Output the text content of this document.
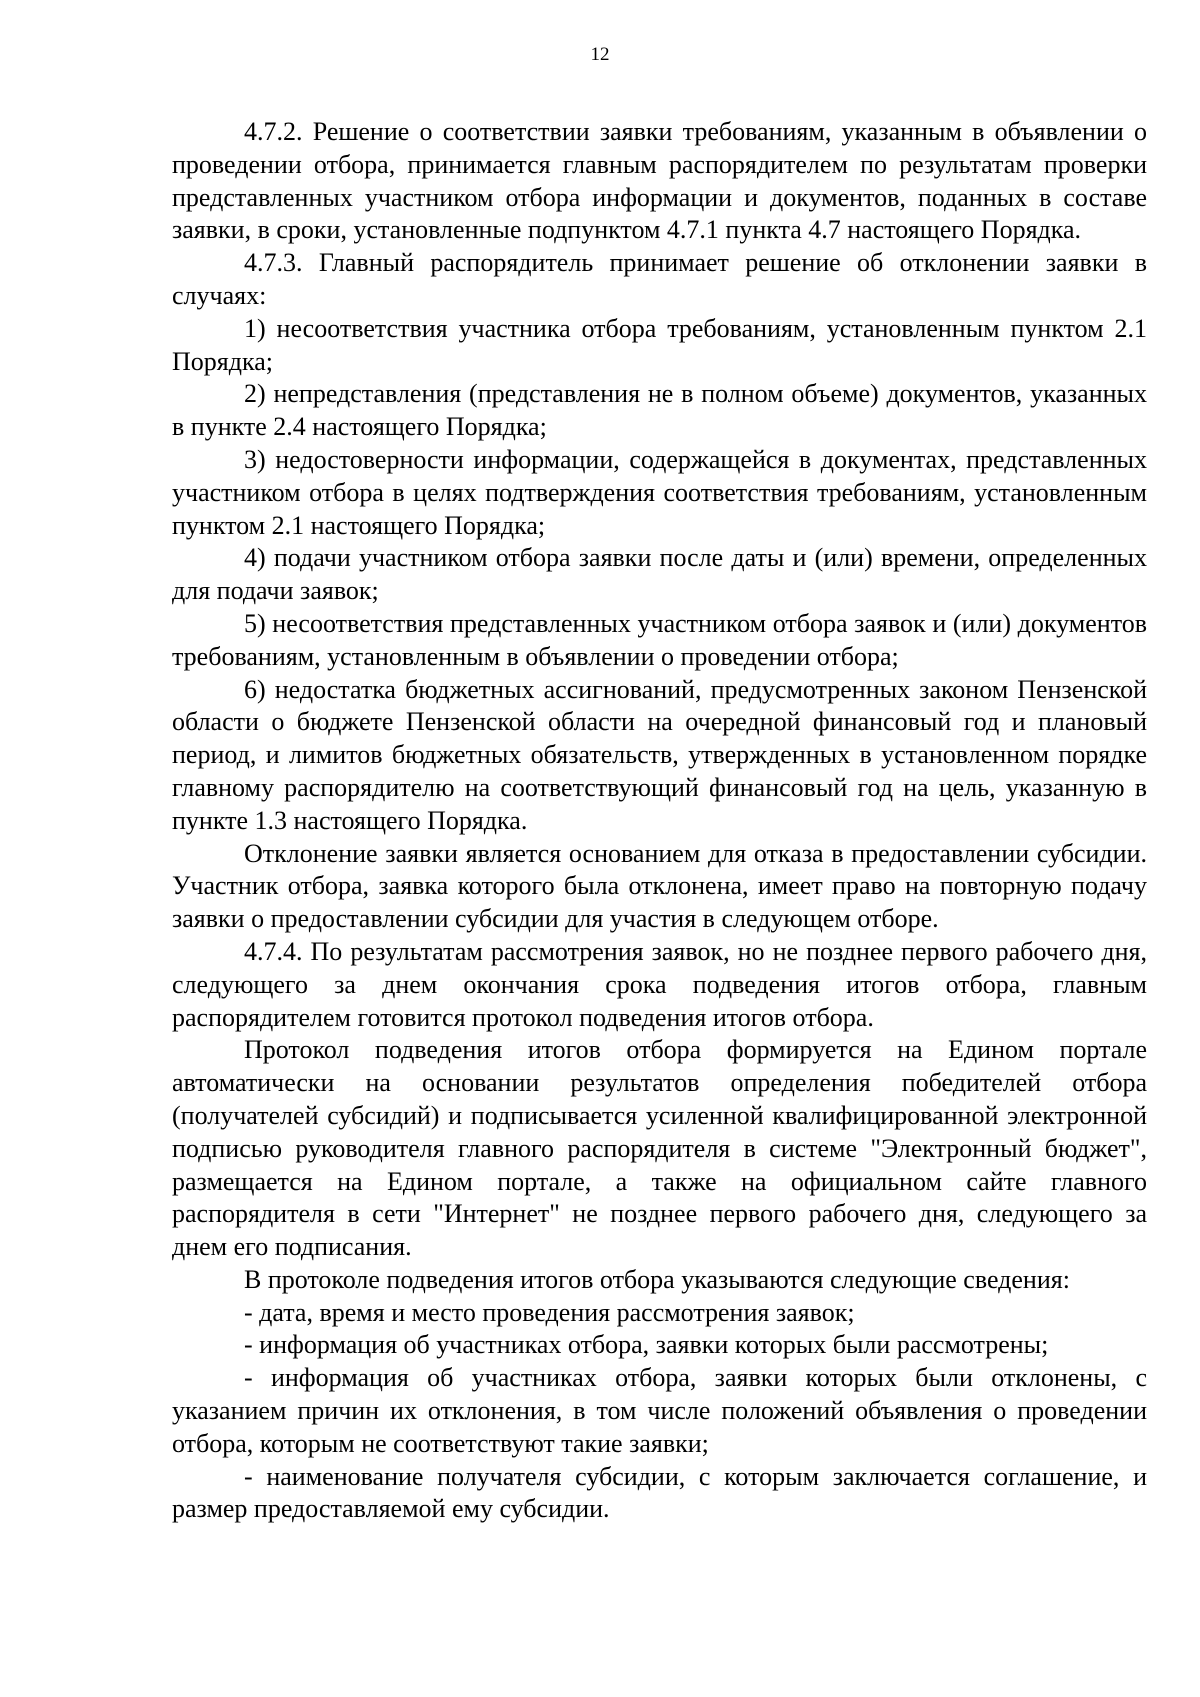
12

4.7.2. Решение о соответствии заявки требованиям, указанным в объявлении о проведении отбора, принимается главным распорядителем по результатам проверки представленных участником отбора информации и документов, поданных в составе заявки, в сроки, установленные подпунктом 4.7.1 пункта 4.7 настоящего Порядка.

4.7.3. Главный распорядитель принимает решение об отклонении заявки в случаях:

1) несоответствия участника отбора требованиям, установленным пунктом 2.1 Порядка;

2) непредставления (представления не в полном объеме) документов, указанных в пункте 2.4 настоящего Порядка;

3) недостоверности информации, содержащейся в документах, представленных участником отбора в целях подтверждения соответствия требованиям, установленным пунктом 2.1 настоящего Порядка;

4) подачи участником отбора заявки после даты и (или) времени, определенных для подачи заявок;

5) несоответствия представленных участником отбора заявок и (или) документов требованиям, установленным в объявлении о проведении отбора;

6) недостатка бюджетных ассигнований, предусмотренных законом Пензенской области о бюджете Пензенской области на очередной финансовый год и плановый период, и лимитов бюджетных обязательств, утвержденных в установленном порядке главному распорядителю на соответствующий финансовый год на цель, указанную в пункте 1.3 настоящего Порядка.

Отклонение заявки является основанием для отказа в предоставлении субсидии. Участник отбора, заявка которого была отклонена, имеет право на повторную подачу заявки о предоставлении субсидии для участия в следующем отборе.

4.7.4. По результатам рассмотрения заявок, но не позднее первого рабочего дня, следующего за днем окончания срока подведения итогов отбора, главным распорядителем готовится протокол подведения итогов отбора.

Протокол подведения итогов отбора формируется на Едином портале автоматически на основании результатов определения победителей отбора (получателей субсидий) и подписывается усиленной квалифицированной электронной подписью руководителя главного распорядителя в системе "Электронный бюджет", размещается на Едином портале, а также на официальном сайте главного распорядителя в сети "Интернет" не позднее первого рабочего дня, следующего за днем его подписания.

В протоколе подведения итогов отбора указываются следующие сведения:

- дата, время и место проведения рассмотрения заявок;

- информация об участниках отбора, заявки которых были рассмотрены;

- информация об участниках отбора, заявки которых были отклонены, с указанием причин их отклонения, в том числе положений объявления о проведении отбора, которым не соответствуют такие заявки;

- наименование получателя субсидии, с которым заключается соглашение, и размер предоставляемой ему субсидии.
